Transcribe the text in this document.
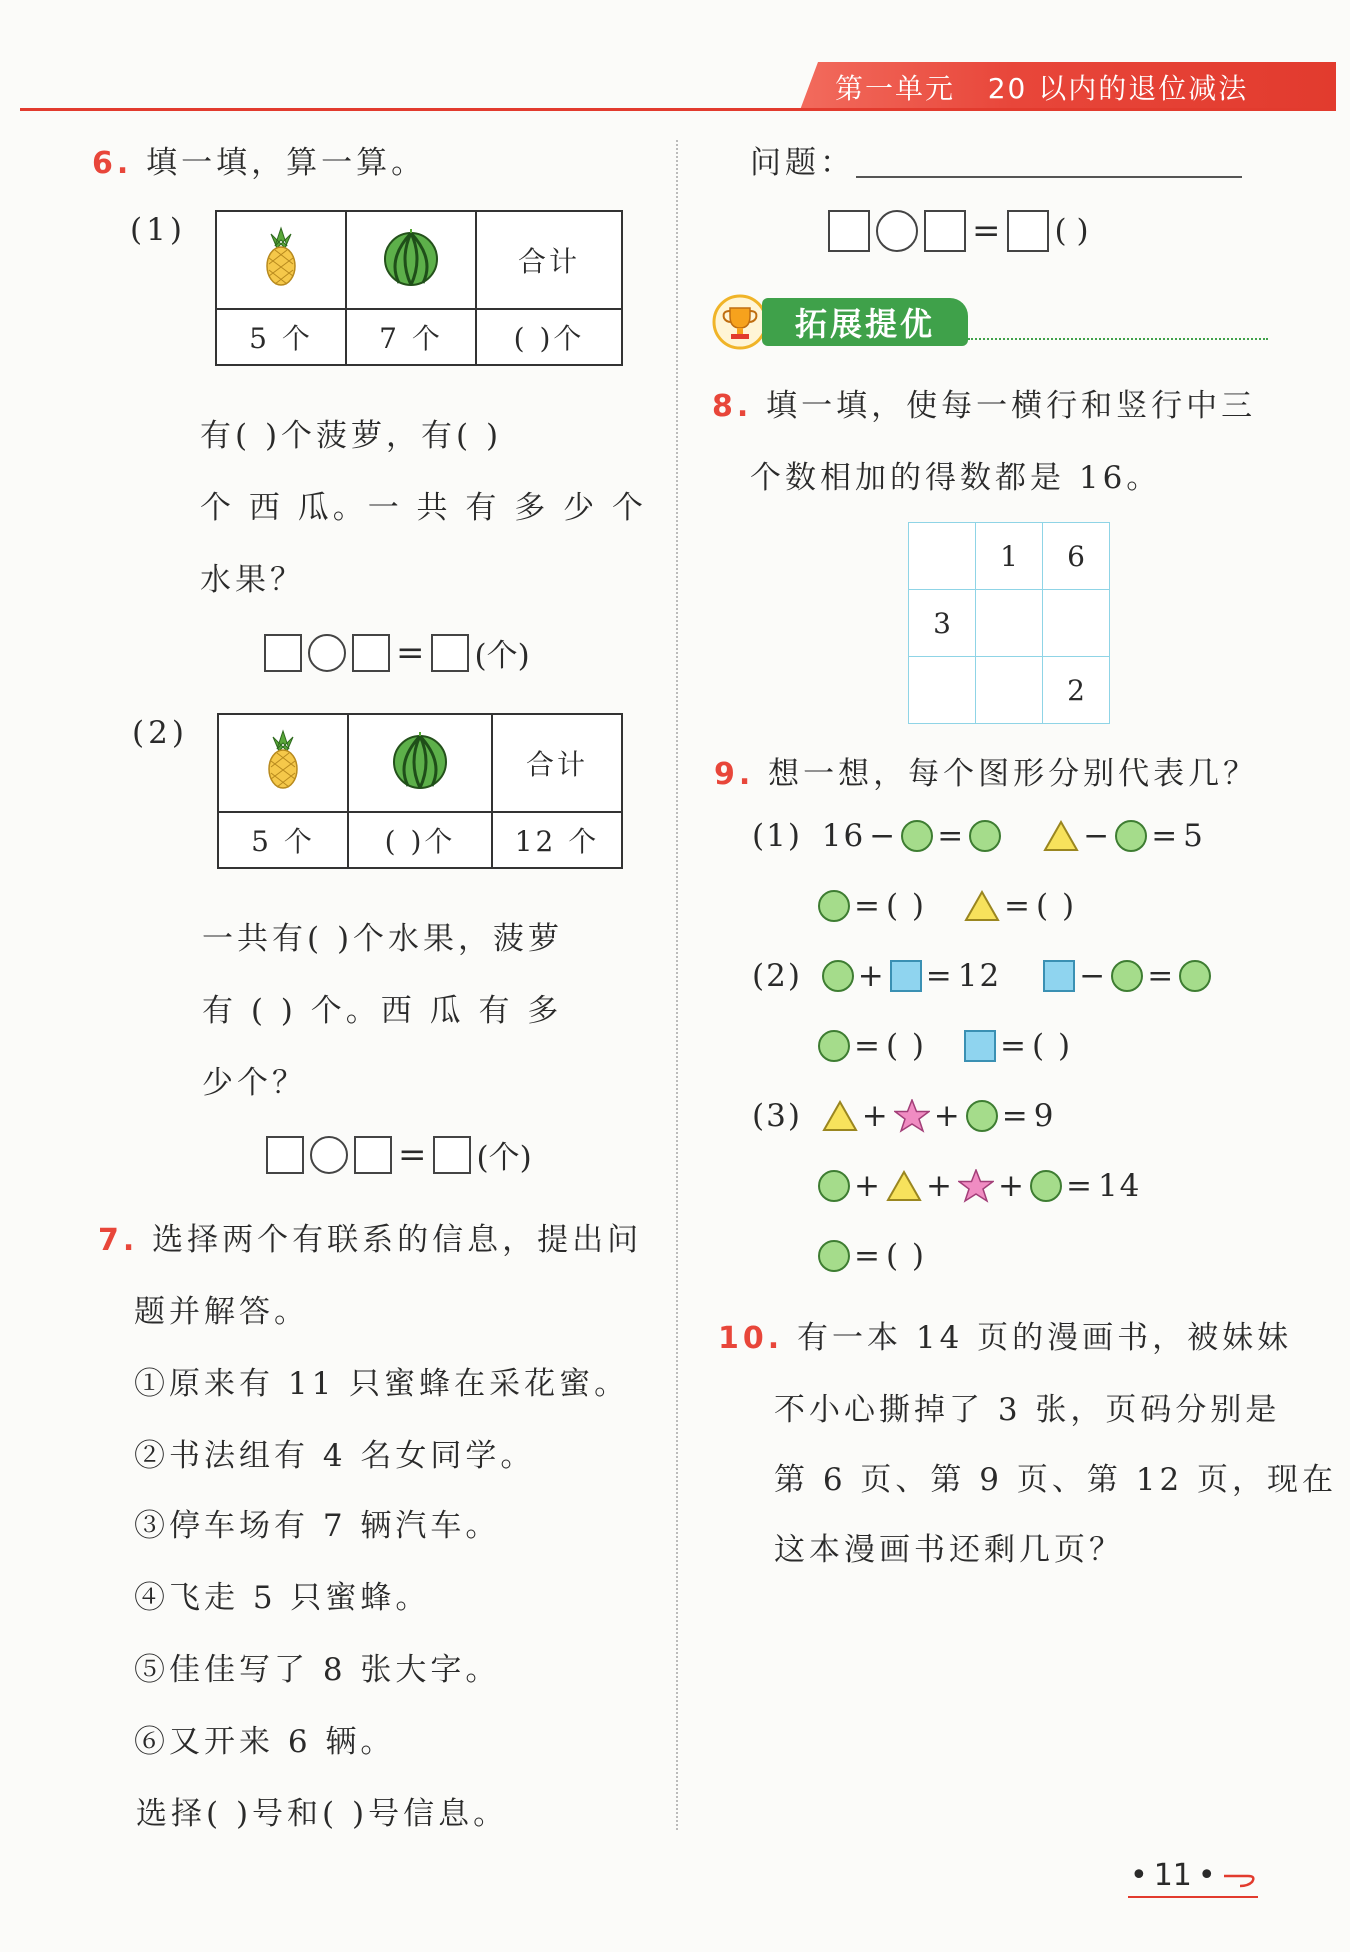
第一单元 20 以内的退位减法
6. 填一填，算一算。
(1)
		合计
5 个	7 个	( )个
有( )个菠萝，有( )
个 西 瓜。一 共 有 多 少 个
水果？
= (个)
(2)
		合计
5 个	( )个	12 个
一共有( )个水果，菠萝
有 ( ) 个。西 瓜 有 多
少个？
= (个)
7. 选择两个有联系的信息，提出问
题并解答。
①原来有 11 只蜜蜂在采花蜜。
②书法组有 4 名女同学。
③停车场有 7 辆汽车。
④飞走 5 只蜜蜂。
⑤佳佳写了 8 张大字。
⑥又开来 6 辆。
选择( )号和( )号信息。
问题：
= ( )
拓展提优
8. 填一填，使每一横行和竖行中三
个数相加的得数都是 16。
	1	6
3		
		2
9. 想一想，每个图形分别代表几？
(1)
16 − =	− = 5
= ( )	= ( )
(2)
+ = 12	− =
= ( ) = ( )
(3)
+ + = 9
+ + + = 14
= ( )
10. 有一本 14 页的漫画书，被妹妹
不小心撕掉了 3 张，页码分别是
第 6 页、第 9 页、第 12 页，现在
这本漫画书还剩几页？
• 11 •
